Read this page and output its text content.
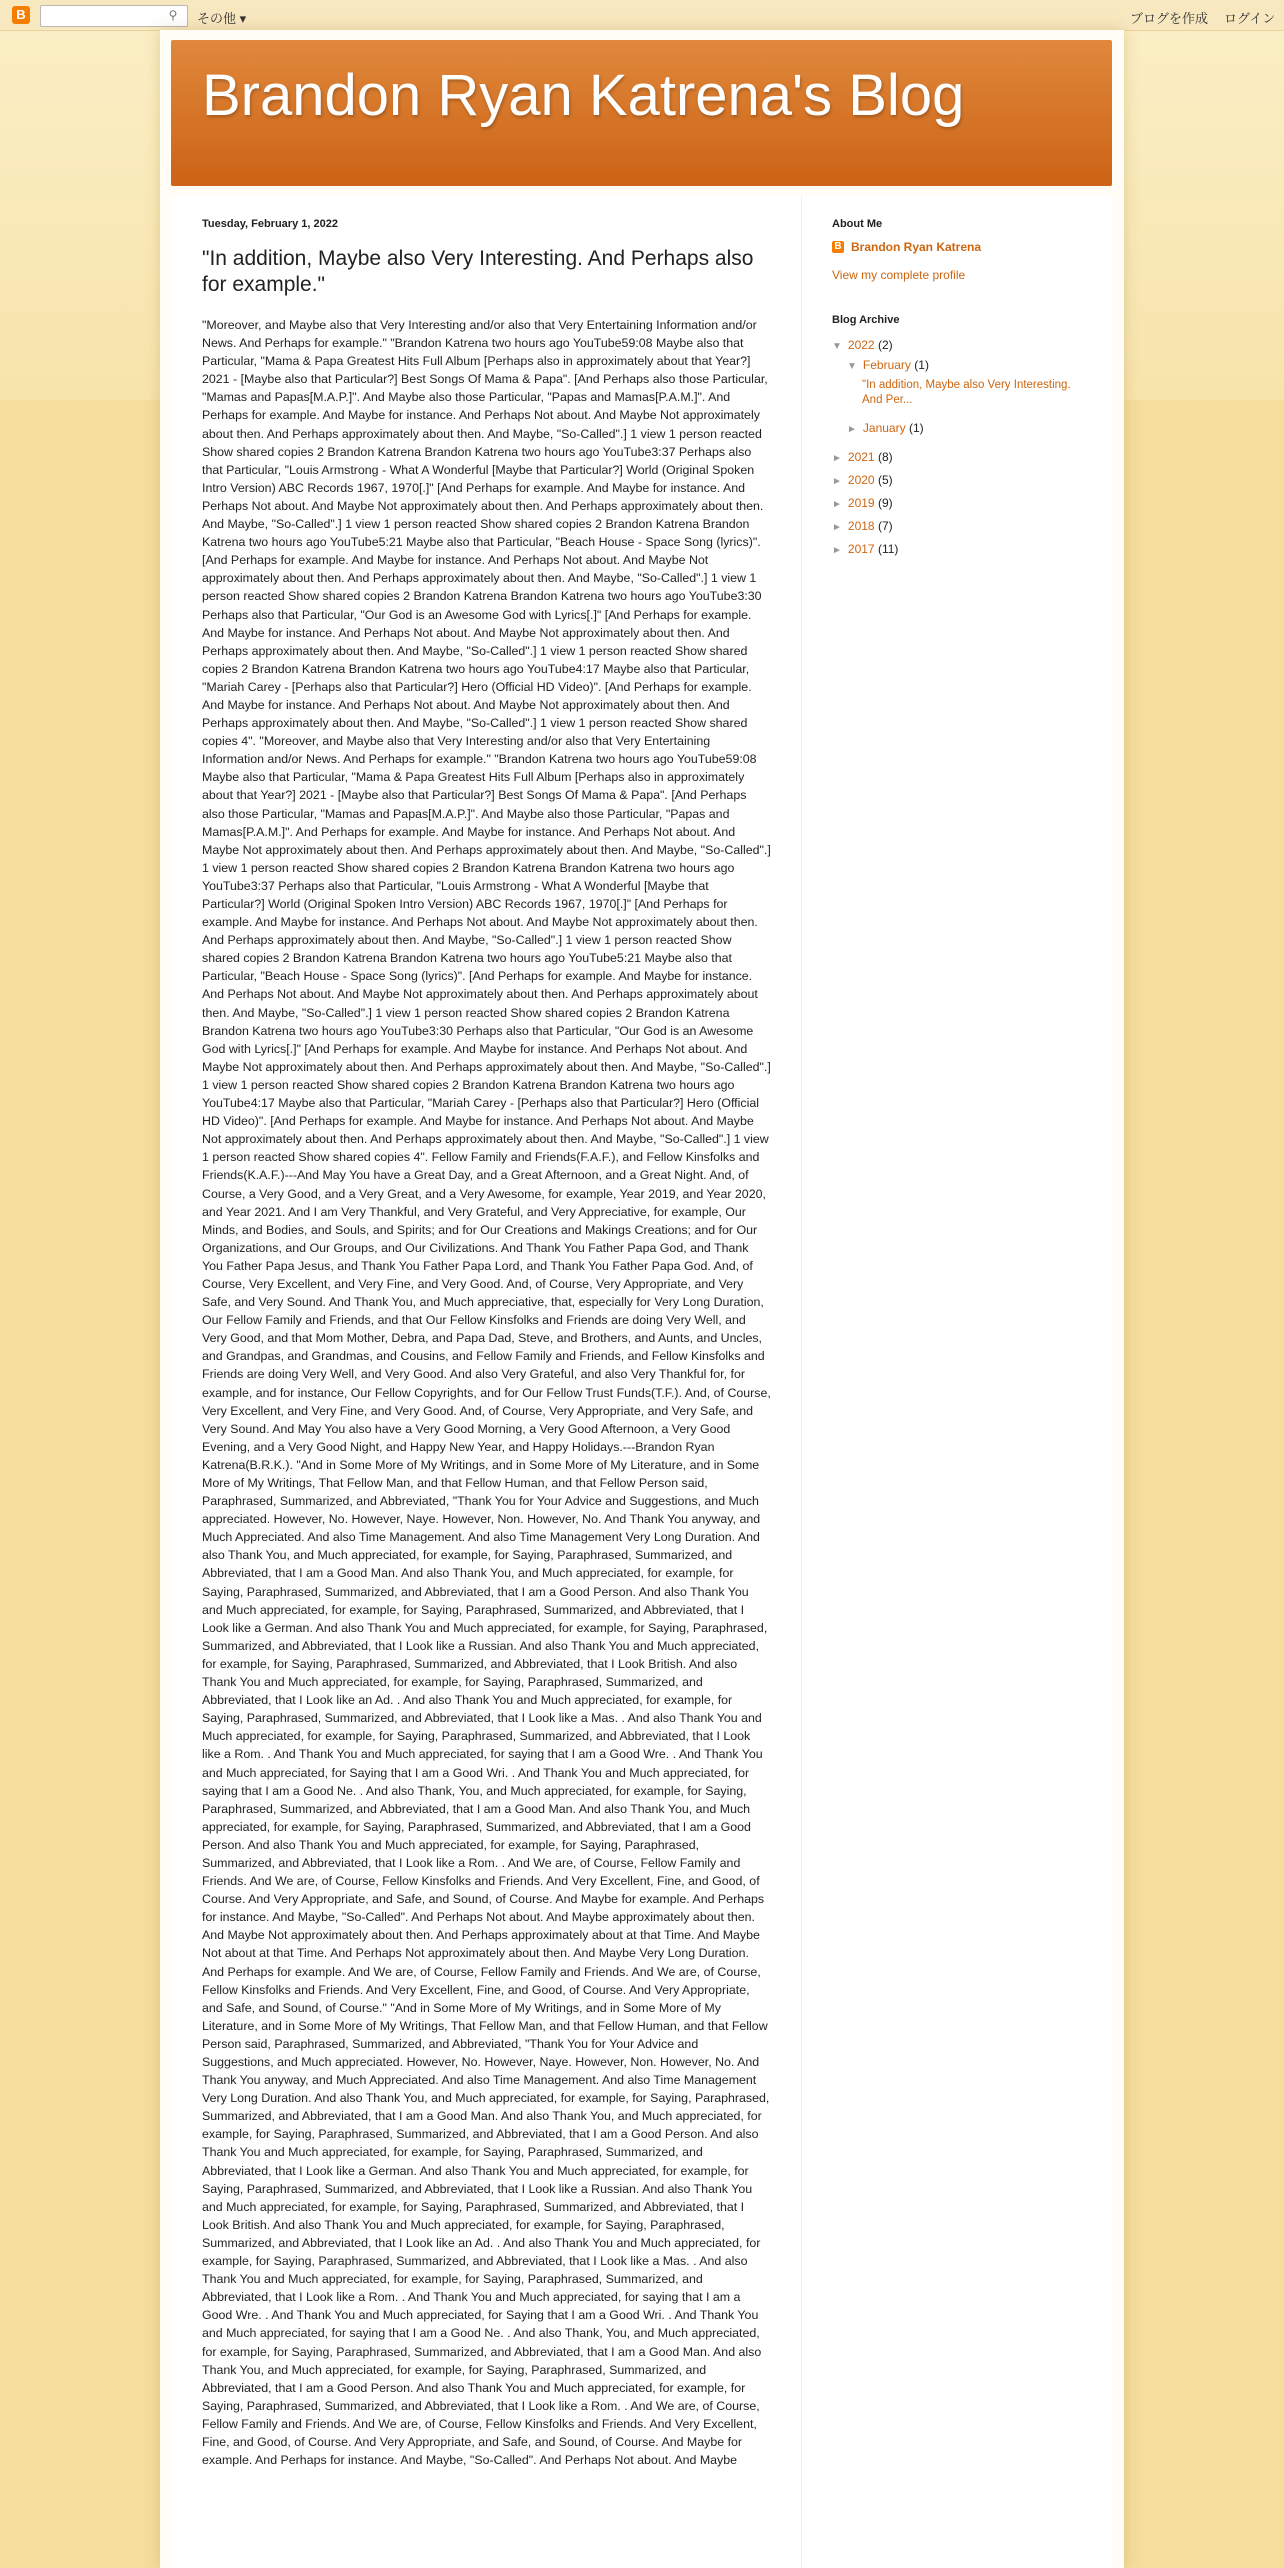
B	⚲	その他 ▾	ブログを作成 ログイン
Brandon Ryan Katrena's Blog
Tuesday, February 1, 2022
"In addition, Maybe also Very Interesting. And Perhaps also for example."
"Moreover, and Maybe also that Very Interesting and/or also that Very Entertaining Information and/or News. And Perhaps for example." "Brandon Katrena two hours ago YouTube59:08 Maybe also that Particular, "Mama & Papa Greatest Hits Full Album [Perhaps also in approximately about that Year?] 2021 - [Maybe also that Particular?] Best Songs Of Mama & Papa". [And Perhaps also those Particular, "Mamas and Papas[M.A.P.]". And Maybe also those Particular, "Papas and Mamas[P.A.M.]". And Perhaps for example. And Maybe for instance. And Perhaps Not about. And Maybe Not approximately about then. And Perhaps approximately about then. And Maybe, "So-Called".] 1 view 1 person reacted Show shared copies 2 Brandon Katrena Brandon Katrena two hours ago YouTube3:37 Perhaps also that Particular, "Louis Armstrong - What A Wonderful [Maybe that Particular?] World (Original Spoken Intro Version) ABC Records 1967, 1970[.]" [And Perhaps for example. And Maybe for instance. And Perhaps Not about. And Maybe Not approximately about then. And Perhaps approximately about then. And Maybe, "So-Called".] 1 view 1 person reacted Show shared copies 2 Brandon Katrena Brandon Katrena two hours ago YouTube5:21 Maybe also that Particular, "Beach House - Space Song (lyrics)". [And Perhaps for example. And Maybe for instance. And Perhaps Not about. And Maybe Not approximately about then. And Perhaps approximately about then. And Maybe, "So-Called".] 1 view 1 person reacted Show shared copies 2 Brandon Katrena Brandon Katrena two hours ago YouTube3:30 Perhaps also that Particular, "Our God is an Awesome God with Lyrics[.]" [And Perhaps for example. And Maybe for instance. And Perhaps Not about. And Maybe Not approximately about then. And Perhaps approximately about then. And Maybe, "So-Called".] 1 view 1 person reacted Show shared copies 2 Brandon Katrena Brandon Katrena two hours ago YouTube4:17 Maybe also that Particular, "Mariah Carey - [Perhaps also that Particular?] Hero (Official HD Video)". [And Perhaps for example. And Maybe for instance. And Perhaps Not about. And Maybe Not approximately about then. And Perhaps approximately about then. And Maybe, "So-Called".] 1 view 1 person reacted Show shared copies 4". "Moreover, and Maybe also that Very Interesting and/or also that Very Entertaining Information and/or News. And Perhaps for example." "Brandon Katrena two hours ago YouTube59:08 Maybe also that Particular, "Mama & Papa Greatest Hits Full Album [Perhaps also in approximately about that Year?] 2021 - [Maybe also that Particular?] Best Songs Of Mama & Papa". [And Perhaps also those Particular, "Mamas and Papas[M.A.P.]". And Maybe also those Particular, "Papas and Mamas[P.A.M.]". And Perhaps for example. And Maybe for instance. And Perhaps Not about. And Maybe Not approximately about then. And Perhaps approximately about then. And Maybe, "So-Called".] 1 view 1 person reacted Show shared copies 2 Brandon Katrena Brandon Katrena two hours ago YouTube3:37 Perhaps also that Particular, "Louis Armstrong - What A Wonderful [Maybe that Particular?] World (Original Spoken Intro Version) ABC Records 1967, 1970[.]" [And Perhaps for example. And Maybe for instance. And Perhaps Not about. And Maybe Not approximately about then. And Perhaps approximately about then. And Maybe, "So-Called".] 1 view 1 person reacted Show shared copies 2 Brandon Katrena Brandon Katrena two hours ago YouTube5:21 Maybe also that Particular, "Beach House - Space Song (lyrics)". [And Perhaps for example. And Maybe for instance. And Perhaps Not about. And Maybe Not approximately about then. And Perhaps approximately about then. And Maybe, "So-Called".] 1 view 1 person reacted Show shared copies 2 Brandon Katrena Brandon Katrena two hours ago YouTube3:30 Perhaps also that Particular, "Our God is an Awesome God with Lyrics[.]" [And Perhaps for example. And Maybe for instance. And Perhaps Not about. And Maybe Not approximately about then. And Perhaps approximately about then. And Maybe, "So-Called".] 1 view 1 person reacted Show shared copies 2 Brandon Katrena Brandon Katrena two hours ago YouTube4:17 Maybe also that Particular, "Mariah Carey - [Perhaps also that Particular?] Hero (Official HD Video)". [And Perhaps for example. And Maybe for instance. And Perhaps Not about. And Maybe Not approximately about then. And Perhaps approximately about then. And Maybe, "So-Called".] 1 view 1 person reacted Show shared copies 4". Fellow Family and Friends(F.A.F.), and Fellow Kinsfolks and Friends(K.A.F.)---And May You have a Great Day, and a Great Afternoon, and a Great Night. And, of Course, a Very Good, and a Very Great, and a Very Awesome, for example, Year 2019, and Year 2020, and Year 2021. And I am Very Thankful, and Very Grateful, and Very Appreciative, for example, Our Minds, and Bodies, and Souls, and Spirits; and for Our Creations and Makings Creations; and for Our Organizations, and Our Groups, and Our Civilizations. And Thank You Father Papa God, and Thank You Father Papa Jesus, and Thank You Father Papa Lord, and Thank You Father Papa God. And, of Course, Very Excellent, and Very Fine, and Very Good. And, of Course, Very Appropriate, and Very Safe, and Very Sound. And Thank You, and Much appreciative, that, especially for Very Long Duration, Our Fellow Family and Friends, and that Our Fellow Kinsfolks and Friends are doing Very Well, and Very Good, and that Mom Mother, Debra, and Papa Dad, Steve, and Brothers, and Aunts, and Uncles, and Grandpas, and Grandmas, and Cousins, and Fellow Family and Friends, and Fellow Kinsfolks and Friends are doing Very Well, and Very Good. And also Very Grateful, and also Very Thankful for, for example, and for instance, Our Fellow Copyrights, and for Our Fellow Trust Funds(T.F.). And, of Course, Very Excellent, and Very Fine, and Very Good. And, of Course, Very Appropriate, and Very Safe, and Very Sound. And May You also have a Very Good Morning, a Very Good Afternoon, a Very Good Evening, and a Very Good Night, and Happy New Year, and Happy Holidays.---Brandon Ryan Katrena(B.R.K.). "And in Some More of My Writings, and in Some More of My Literature, and in Some More of My Writings, That Fellow Man, and that Fellow Human, and that Fellow Person said, Paraphrased, Summarized, and Abbreviated, "Thank You for Your Advice and Suggestions, and Much appreciated. However, No. However, Naye. However, Non. However, No. And Thank You anyway, and Much Appreciated. And also Time Management. And also Time Management Very Long Duration. And also Thank You, and Much appreciated, for example, for Saying, Paraphrased, Summarized, and Abbreviated, that I am a Good Man. And also Thank You, and Much appreciated, for example, for Saying, Paraphrased, Summarized, and Abbreviated, that I am a Good Person. And also Thank You and Much appreciated, for example, for Saying, Paraphrased, Summarized, and Abbreviated, that I Look like a German. And also Thank You and Much appreciated, for example, for Saying, Paraphrased, Summarized, and Abbreviated, that I Look like a Russian. And also Thank You and Much appreciated, for example, for Saying, Paraphrased, Summarized, and Abbreviated, that I Look British. And also Thank You and Much appreciated, for example, for Saying, Paraphrased, Summarized, and Abbreviated, that I Look like an Ad. . And also Thank You and Much appreciated, for example, for Saying, Paraphrased, Summarized, and Abbreviated, that I Look like a Mas. . And also Thank You and Much appreciated, for example, for Saying, Paraphrased, Summarized, and Abbreviated, that I Look like a Rom. . And Thank You and Much appreciated, for saying that I am a Good Wre. . And Thank You and Much appreciated, for Saying that I am a Good Wri. . And Thank You and Much appreciated, for saying that I am a Good Ne. . And also Thank, You, and Much appreciated, for example, for Saying, Paraphrased, Summarized, and Abbreviated, that I am a Good Man. And also Thank You, and Much appreciated, for example, for Saying, Paraphrased, Summarized, and Abbreviated, that I am a Good Person. And also Thank You and Much appreciated, for example, for Saying, Paraphrased, Summarized, and Abbreviated, that I Look like a Rom. . And We are, of Course, Fellow Family and Friends. And We are, of Course, Fellow Kinsfolks and Friends. And Very Excellent, Fine, and Good, of Course. And Very Appropriate, and Safe, and Sound, of Course. And Maybe for example. And Perhaps for instance. And Maybe, "So-Called". And Perhaps Not about. And Maybe approximately about then. And Maybe Not approximately about then. And Perhaps approximately about at that Time. And Maybe Not about at that Time. And Perhaps Not approximately about then. And Maybe Very Long Duration. And Perhaps for example. And We are, of Course, Fellow Family and Friends. And We are, of Course, Fellow Kinsfolks and Friends. And Very Excellent, Fine, and Good, of Course. And Very Appropriate, and Safe, and Sound, of Course." "And in Some More of My Writings, and in Some More of My Literature, and in Some More of My Writings, That Fellow Man, and that Fellow Human, and that Fellow Person said, Paraphrased, Summarized, and Abbreviated, "Thank You for Your Advice and Suggestions, and Much appreciated. However, No. However, Naye. However, Non. However, No. And Thank You anyway, and Much Appreciated. And also Time Management. And also Time Management Very Long Duration. And also Thank You, and Much appreciated, for example, for Saying, Paraphrased, Summarized, and Abbreviated, that I am a Good Man. And also Thank You, and Much appreciated, for example, for Saying, Paraphrased, Summarized, and Abbreviated, that I am a Good Person. And also Thank You and Much appreciated, for example, for Saying, Paraphrased, Summarized, and Abbreviated, that I Look like a German. And also Thank You and Much appreciated, for example, for Saying, Paraphrased, Summarized, and Abbreviated, that I Look like a Russian. And also Thank You and Much appreciated, for example, for Saying, Paraphrased, Summarized, and Abbreviated, that I Look British. And also Thank You and Much appreciated, for example, for Saying, Paraphrased, Summarized, and Abbreviated, that I Look like an Ad. . And also Thank You and Much appreciated, for example, for Saying, Paraphrased, Summarized, and Abbreviated, that I Look like a Mas. . And also Thank You and Much appreciated, for example, for Saying, Paraphrased, Summarized, and Abbreviated, that I Look like a Rom. . And Thank You and Much appreciated, for saying that I am a Good Wre. . And Thank You and Much appreciated, for Saying that I am a Good Wri. . And Thank You and Much appreciated, for saying that I am a Good Ne. . And also Thank, You, and Much appreciated, for example, for Saying, Paraphrased, Summarized, and Abbreviated, that I am a Good Man. And also Thank You, and Much appreciated, for example, for Saying, Paraphrased, Summarized, and Abbreviated, that I am a Good Person. And also Thank You and Much appreciated, for example, for Saying, Paraphrased, Summarized, and Abbreviated, that I Look like a Rom. . And We are, of Course, Fellow Family and Friends. And We are, of Course, Fellow Kinsfolks and Friends. And Very Excellent, Fine, and Good, of Course. And Very Appropriate, and Safe, and Sound, of Course. And Maybe for example. And Perhaps for instance. And Maybe, "So-Called". And Perhaps Not about. And Maybe
About Me
B Brandon Ryan Katrena
View my complete profile
Blog Archive
▼ 2022 (2)
▼ February (1)
"In addition, Maybe also Very Interesting. And Per...
► January (1)
► 2021 (8)
► 2020 (5)
► 2019 (9)
► 2018 (7)
► 2017 (11)
